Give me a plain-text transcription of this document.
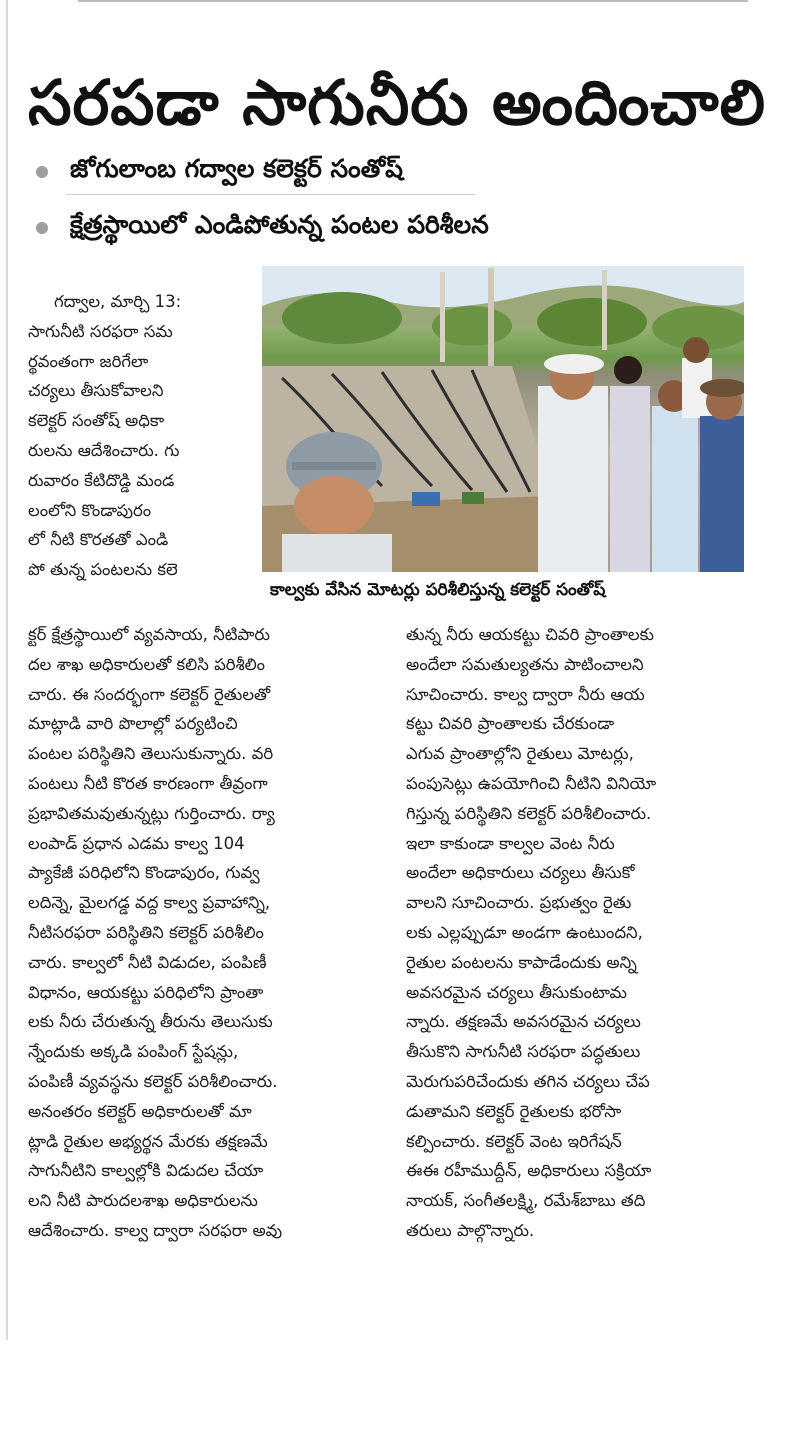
సరపడా సాగునీరు అందించాలి
జోగులాంబ గద్వాల కలెక్టర్ సంతోష్
క్షేత్రస్థాయిలో ఎండిపోతున్న పంటల పరిశీలన
కాల్వకు వేసిన మోటర్లు పరిశీలిస్తున్న కలెక్టర్ సంతోష్
గద్వాల, మార్చి 13:
సాగునీటి సరఫరా సమ
ర్థవంతంగా జరిగేలా
చర్యలు తీసుకోవాలని
కలెక్టర్ సంతోష్ అధికా
రులను ఆదేశించారు. గు
రువారం కేటిదొడ్డి మండ
లంలోని కొండాపురం
లో నీటి కొరతతో ఎండి
పో తున్న పంటలను కలె
క్టర్ క్షేత్రస్థాయిలో వ్యవసాయ, నీటిపారు
దల శాఖ అధికారులతో కలిసి పరిశీలిం
చారు. ఈ సందర్భంగా కలెక్టర్ రైతులతో
మాట్లాడి వారి పొలాల్లో పర్యటించి
పంటల పరిస్థితిని తెలుసుకున్నారు. వరి
పంటలు నీటి కొరత కారణంగా తీవ్రంగా
ప్రభావితమవుతున్నట్లు గుర్తించారు. ర్యా
లంపాడ్ ప్రధాన ఎడమ కాల్వ 104
ప్యాకేజీ పరిధిలోని కొండాపురం, గువ్వ
లదిన్నె, మైలగడ్డ వద్ద కాల్వ ప్రవాహాన్ని,
నీటిసరఫరా పరిస్థితిని కలెక్టర్ పరిశీలిం
చారు. కాల్వలో నీటి విడుదల, పంపిణీ
విధానం, ఆయకట్టు పరిధిలోని ప్రాంతా
లకు నీరు చేరుతున్న తీరును తెలుసుకు
న్నేందుకు అక్కడి పంపింగ్ స్టేషన్లు,
పంపిణీ వ్యవస్థను కలెక్టర్ పరిశీలించారు.
అనంతరం కలెక్టర్ అధికారులతో మా
ట్లాడి రైతుల అభ్యర్థన మేరకు తక్షణమే
సాగునీటిని కాల్వల్లోకి విడుదల చేయా
లని నీటి పారుదలశాఖ అధికారులను
ఆదేశించారు. కాల్వ ద్వారా సరఫరా అవు
తున్న నీరు ఆయకట్టు చివరి ప్రాంతాలకు
అందేలా సమతుల్యతను పాటించాలని
సూచించారు. కాల్వ ద్వారా నీరు ఆయ
కట్టు చివరి ప్రాంతాలకు చేరకుండా
ఎగువ ప్రాంతాల్లోని రైతులు మోటర్లు,
పంపుసెట్లు ఉపయోగించి నీటిని వినియో
గిస్తున్న పరిస్థితిని కలెక్టర్ పరిశీలించారు.
ఇలా కాకుండా కాల్వల వెంట నీరు
అందేలా అధికారులు చర్యలు తీసుకో
వాలని సూచించారు. ప్రభుత్వం రైతు
లకు ఎల్లప్పుడూ అండగా ఉంటుందని,
రైతుల పంటలను కాపాడేందుకు అన్ని
అవసరమైన చర్యలు తీసుకుంటామ
న్నారు. తక్షణమే అవసరమైన చర్యలు
తీసుకొని సాగునీటి సరఫరా పద్ధతులు
మెరుగుపరిచేందుకు తగిన చర్యలు చేప
డుతామని కలెక్టర్ రైతులకు భరోసా
కల్పించారు. కలెక్టర్ వెంట ఇరిగేషన్
ఈఈ రహీముద్దీన్, అధికారులు సక్రియా
నాయక్, సంగీతలక్ష్మి, రమేశ్‌బాబు తది
తరులు పాల్గొన్నారు.
